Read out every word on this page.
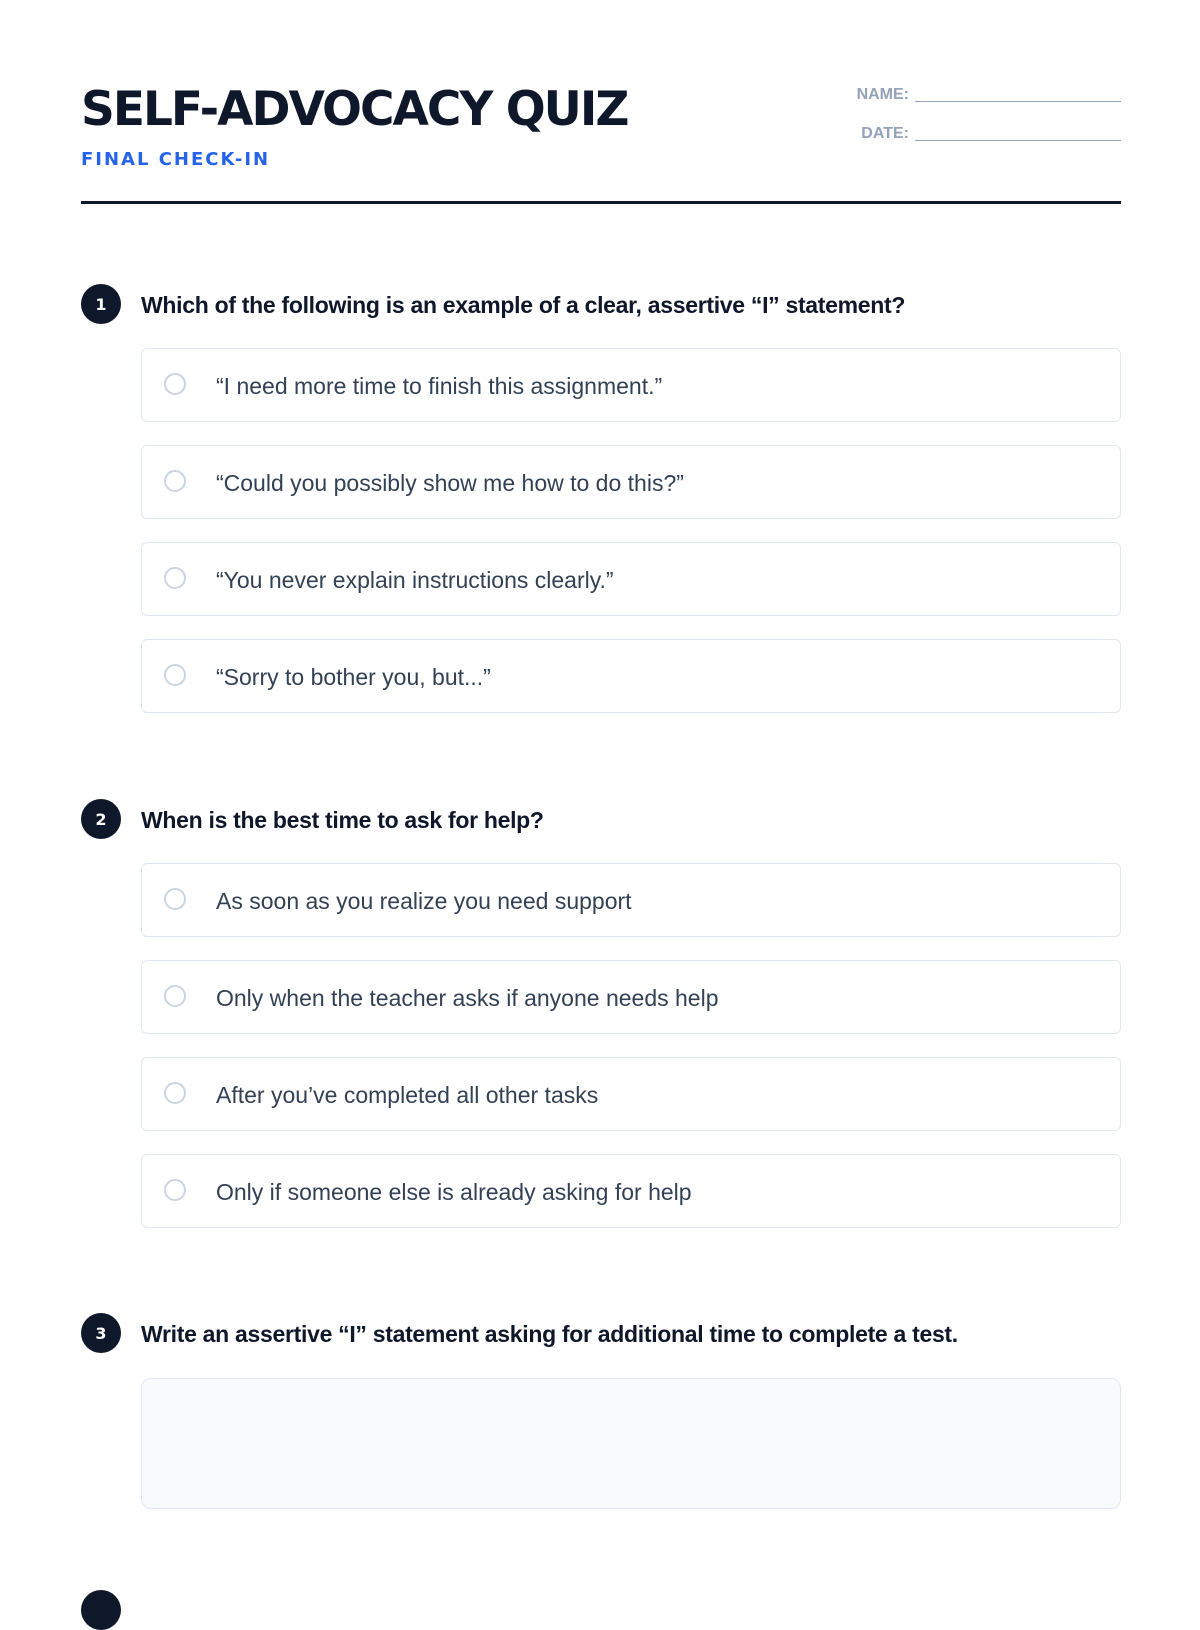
SELF-ADVOCACY QUIZ
FINAL CHECK-IN
NAME:
DATE:
1	Which of the following is an example of a clear, assertive “I” statement?
“I need more time to finish this assignment.”
“Could you possibly show me how to do this?”
“You never explain instructions clearly.”
“Sorry to bother you, but...”
2	When is the best time to ask for help?
As soon as you realize you need support
Only when the teacher asks if anyone needs help
After you’ve completed all other tasks
Only if someone else is already asking for help
3	Write an assertive “I” statement asking for additional time to complete a test.
